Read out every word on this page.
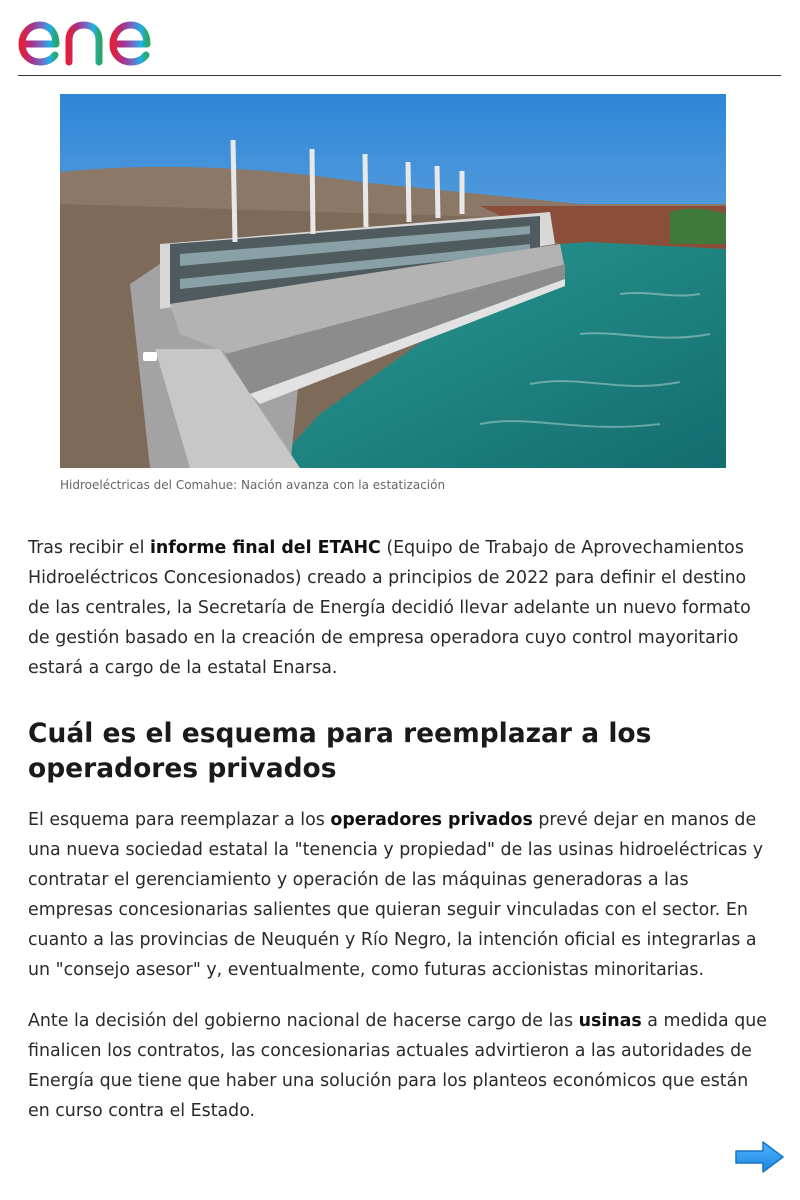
Hidroeléctricas del Comahue: Nación avanza con la estatización

Tras recibir el informe final del ETAHC (Equipo de Trabajo de Aprovechamientos Hidroeléctricos Concesionados) creado a principios de 2022 para definir el destino de las centrales, la Secretaría de Energía decidió llevar adelante un nuevo formato de gestión basado en la creación de empresa operadora cuyo control mayoritario estará a cargo de la estatal Enarsa.

Cuál es el esquema para reemplazar a los operadores privados

El esquema para reemplazar a los operadores privados prevé dejar en manos de una nueva sociedad estatal la "tenencia y propiedad" de las usinas hidroeléctricas y contratar el gerenciamiento y operación de las máquinas generadoras a las empresas concesionarias salientes que quieran seguir vinculadas con el sector. En cuanto a las provincias de Neuquén y Río Negro, la intención oficial es integrarlas a un "consejo asesor" y, eventualmente, como futuras accionistas minoritarias.

Ante la decisión del gobierno nacional de hacerse cargo de las usinas a medida que finalicen los contratos, las concesionarias actuales advirtieron a las autoridades de Energía que tiene que haber una solución para los planteos económicos que están en curso contra el Estado.
